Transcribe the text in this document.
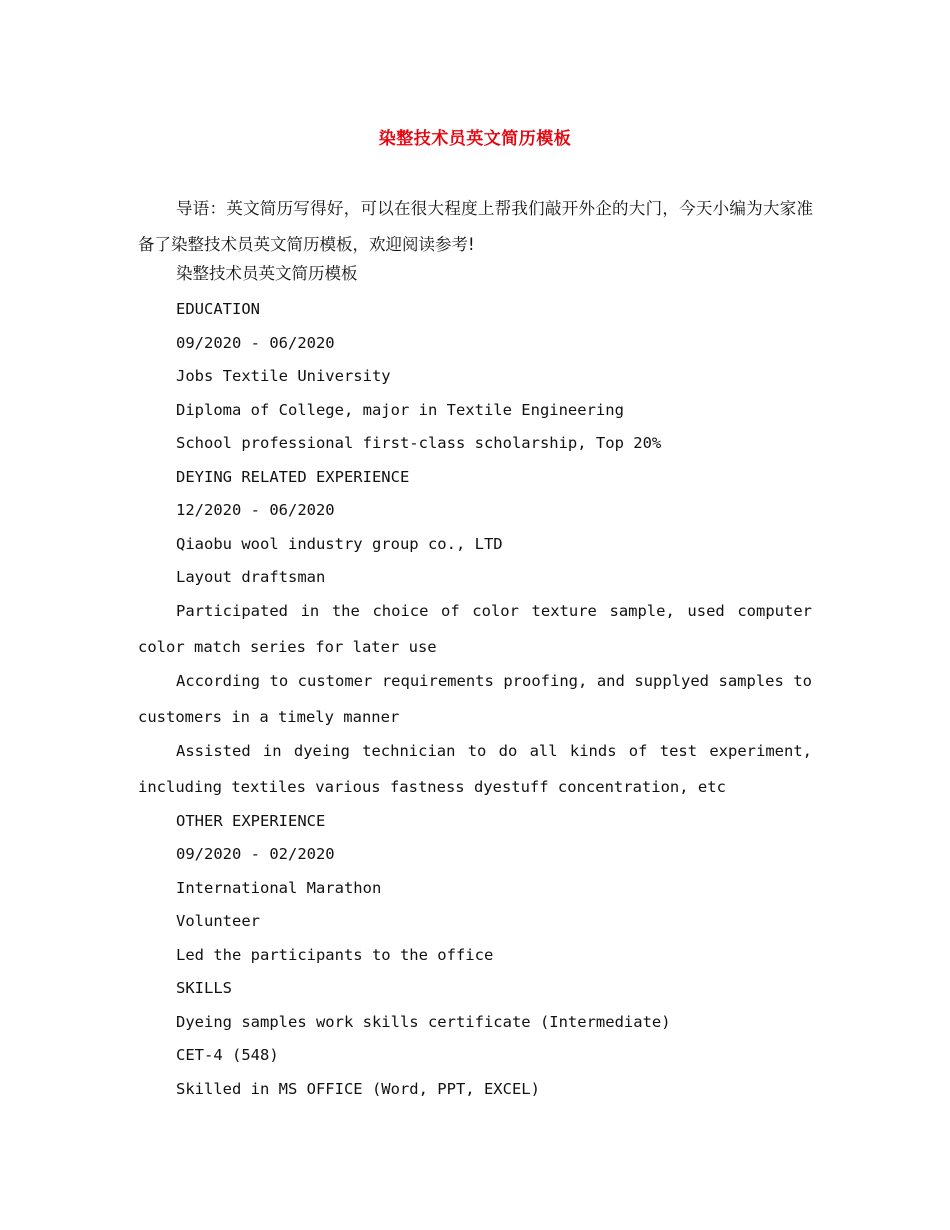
染整技术员英文简历模板
导语：英文简历写得好，可以在很大程度上帮我们敲开外企的大门，今天小编为大家准备了染整技术员英文简历模板，欢迎阅读参考!
染整技术员英文简历模板
EDUCATION
09/2020 - 06/2020
Jobs Textile University
Diploma of College, major in Textile Engineering
School professional first-class scholarship, Top 20%
DEYING RELATED EXPERIENCE
12/2020 - 06/2020
Qiaobu wool industry group co., LTD
Layout draftsman
Participated in the choice of color texture sample, used computer color match series for later use
According to customer requirements proofing, and supplyed samples to customers in a timely manner
Assisted in dyeing technician to do all kinds of test experiment, including textiles various fastness dyestuff concentration, etc
OTHER EXPERIENCE
09/2020 - 02/2020
International Marathon
Volunteer
Led the participants to the office
SKILLS
Dyeing samples work skills certificate (Intermediate)
CET-4 (548)
Skilled in MS OFFICE (Word, PPT, EXCEL)
